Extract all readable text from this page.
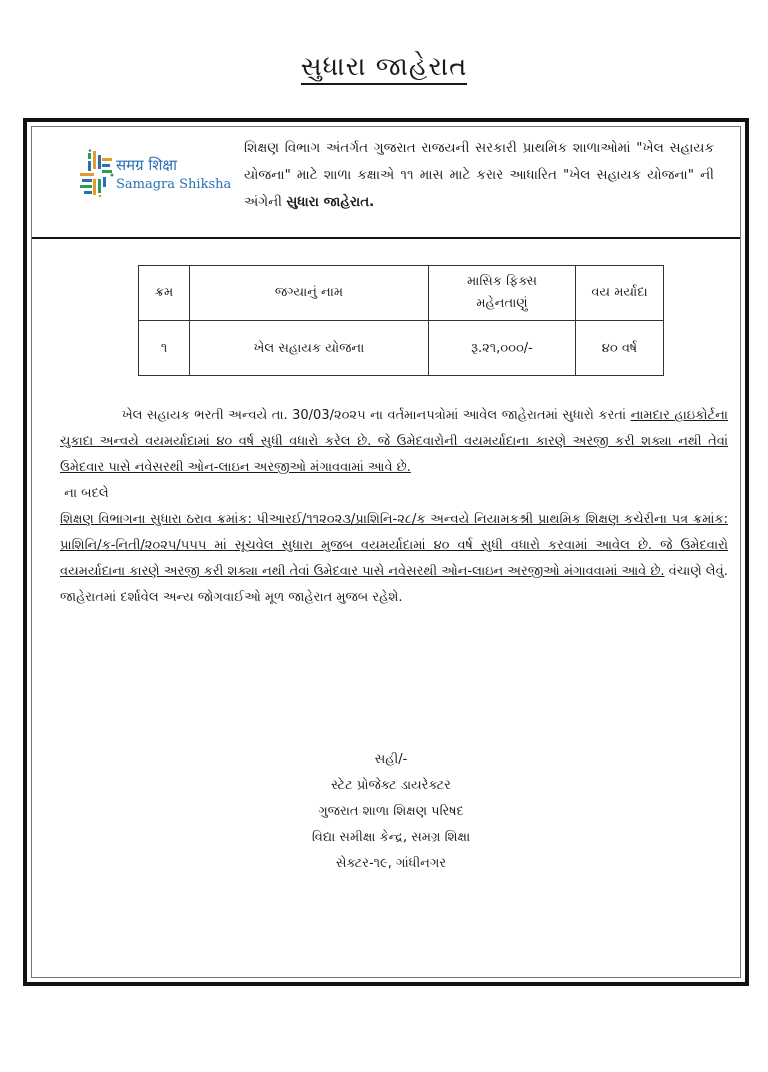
સુધારા જાહેરાત
समग्र शिक्षा
Samagra Shiksha
શિક્ષણ વિભાગ અંતર્ગત ગુજરાત રાજયની સરકારી પ્રાથમિક શાળાઓમાં "ખેલ સહાયક યોજના" માટે શાળા કક્ષાએ ૧૧ માસ માટે કરાર આધારિત "ખેલ સહાયક યોજના" ની અંગેની સુધારા જાહેરાત.
ક્રમ	જગ્યાનું નામ	માસિક ફિક્સ મહેનતાણું	વય મર્યાદા
૧	ખેલ સહાયક યોજના	રૂ.૨૧,૦૦૦/-	૪૦ વર્ષ

ખેલ સહાયક ભરતી અન્વયે તા. 30/03/૨૦૨૫ ના વર્તમાનપત્રોમાં આવેલ જાહેરાતમાં સુધારો કરતાં નામદાર હાઇકોર્ટના ચુકાદા અન્વયે વયમર્યાદામાં ૪૦ વર્ષ સુધી વધારો કરેલ છે. જે ઉમેદવારોની વયમર્યાદાના કારણે અરજી કરી શક્યા નથી તેવાં ઉમેદવાર પાસે નવેસરથી ઓન-લાઇન અરજીઓ મંગાવવામાં આવે છે.

ના બદલે

શિક્ષણ વિભાગના સુધારા ઠરાવ ક્રમાંક: પીઆરઈ/૧૧૨૦૨૩/પ્રાશિનિ-૨૮/ક અન્વયે નિયામકશ્રી પ્રાથમિક શિક્ષણ કચેરીના પત્ર ક્રમાંક: પ્રાશિનિ/ક-નિતી/૨૦૨૫/૫૫૫ માં સૂચવેલ સુધારા મુજબ વયમર્યાદામાં ૪૦ વર્ષ સુધી વધારો કરવામાં આવેલ છે. જે ઉમેદવારો વયમર્યાદાના કારણે અરજી કરી શક્યા નથી તેવાં ઉમેદવાર પાસે નવેસરથી ઓન-લાઇન અરજીઓ મંગાવવામાં આવે છે. વંચાણે લેવું.

જાહેરાતમાં દર્શાવેલ અન્ય જોગવાઈઓ મૂળ જાહેરાત મુજબ રહેશે.

સહી/-
સ્ટેટ પ્રોજેક્ટ ડાયરેક્ટર
ગુજરાત શાળા શિક્ષણ પરિષદ
વિદ્યા સમીક્ષા કેન્દ્ર, સમગ્ર શિક્ષા
સેક્ટર-૧૯, ગાંધીનગર
